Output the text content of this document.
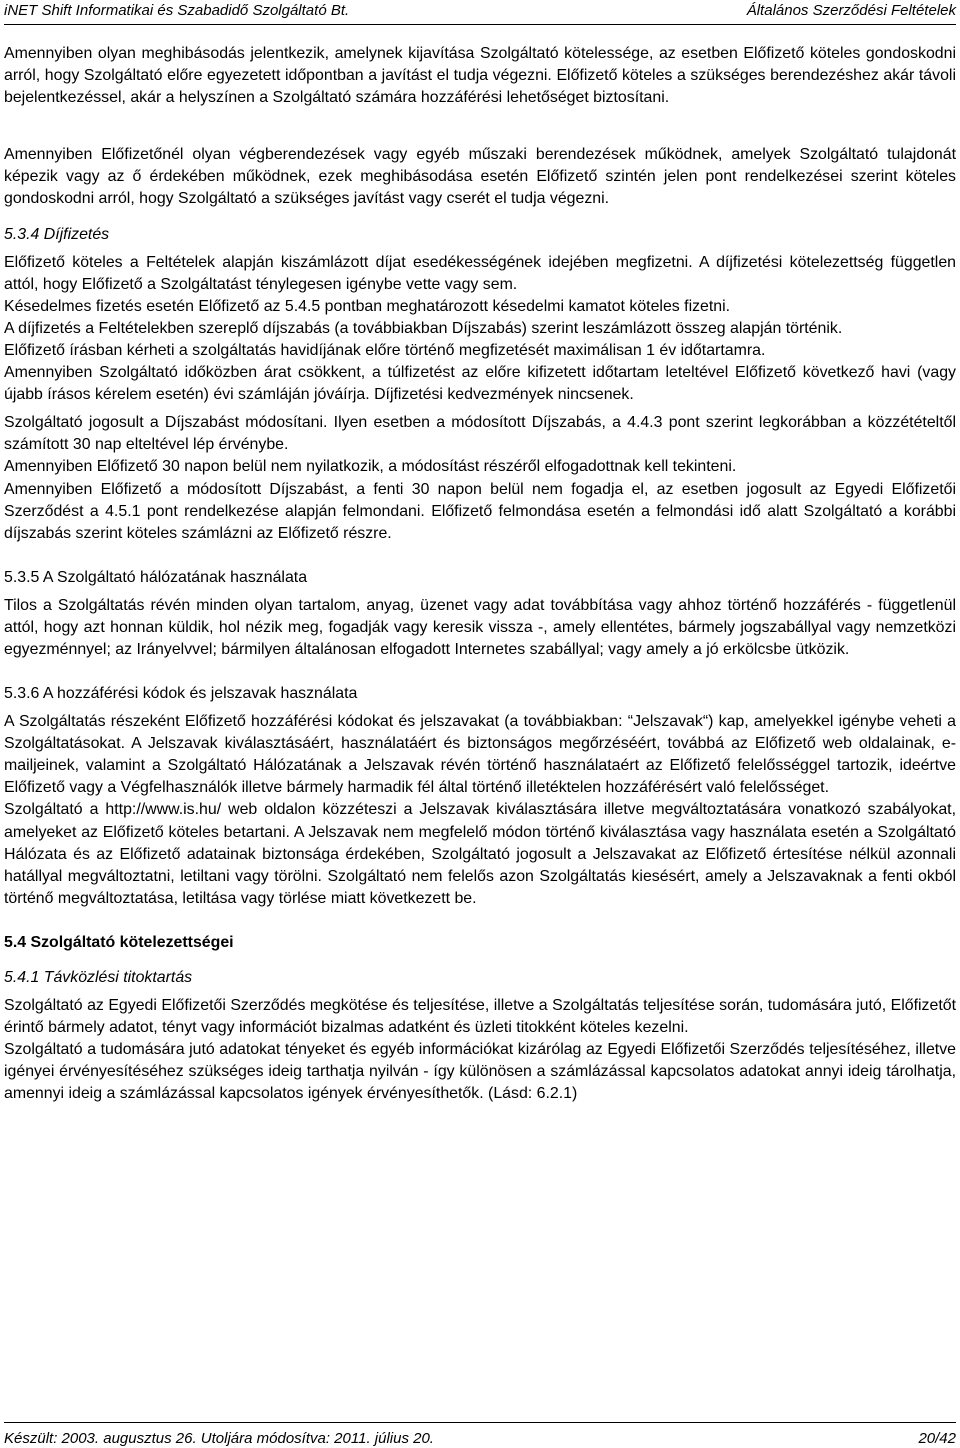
iNET Shift Informatikai és Szabadidő Szolgáltató Bt.	Általános Szerződési Feltételek

Amennyiben olyan meghibásodás jelentkezik, amelynek kijavítása Szolgáltató kötelessége, az esetben Előfizető köteles gondoskodni arról, hogy Szolgáltató előre egyezetett időpontban a javítást el tudja végezni. Előfizető köteles a szükséges berendezéshez akár távoli bejelentkezéssel, akár a helyszínen a Szolgáltató számára hozzáférési lehetőséget biztosítani.

Amennyiben Előfizetőnél olyan végberendezések vagy egyéb műszaki berendezések működnek, amelyek Szolgáltató tulajdonát képezik vagy az ő érdekében működnek, ezek meghibásodása esetén Előfizető szintén jelen pont rendelkezései szerint köteles gondoskodni arról, hogy Szolgáltató a szükséges javítást vagy cserét el tudja végezni.

5.3.4 Díjfizetés

Előfizető köteles a Feltételek alapján kiszámlázott díjat esedékességének idejében megfizetni. A díjfizetési kötelezettség független attól, hogy Előfizető a Szolgáltatást ténylegesen igénybe vette vagy sem.

Késedelmes fizetés esetén Előfizető az 5.4.5 pontban meghatározott késedelmi kamatot köteles fizetni.

A díjfizetés a Feltételekben szereplő díjszabás (a továbbiakban Díjszabás) szerint leszámlázott összeg alapján történik.

Előfizető írásban kérheti a szolgáltatás havidíjának előre történő megfizetését maximálisan 1 év időtartamra.

Amennyiben Szolgáltató időközben árat csökkent, a túlfizetést az előre kifizetett időtartam leteltével Előfizető következő havi (vagy újabb írásos kérelem esetén) évi számláján jóváírja. Díjfizetési kedvezmények nincsenek.

Szolgáltató jogosult a Díjszabást módosítani. Ilyen esetben a módosított Díjszabás, a 4.4.3 pont szerint legkorábban a közzétételtől számított 30 nap elteltével lép érvénybe.

Amennyiben Előfizető 30 napon belül nem nyilatkozik, a módosítást részéről elfogadottnak kell tekinteni.

Amennyiben Előfizető a módosított Díjszabást, a fenti 30 napon belül nem fogadja el, az esetben jogosult az Egyedi Előfizetői Szerződést a 4.5.1 pont rendelkezése alapján felmondani. Előfizető felmondása esetén a felmondási idő alatt Szolgáltató a korábbi díjszabás szerint köteles számlázni az Előfizető részre.

5.3.5 A Szolgáltató hálózatának használata

Tilos a Szolgáltatás révén minden olyan tartalom, anyag, üzenet vagy adat továbbítása vagy ahhoz történő hozzáférés - függetlenül attól, hogy azt honnan küldik, hol nézik meg, fogadják vagy keresik vissza -, amely ellentétes, bármely jogszabállyal vagy nemzetközi egyezménnyel; az Irányelvvel; bármilyen általánosan elfogadott Internetes szabállyal; vagy amely a jó erkölcsbe ütközik.

5.3.6 A hozzáférési kódok és jelszavak használata

A Szolgáltatás részeként Előfizető hozzáférési kódokat és jelszavakat (a továbbiakban: “Jelszavak“) kap, amelyekkel igénybe veheti a Szolgáltatásokat. A Jelszavak kiválasztásáért, használatáért és biztonságos megőrzéséért, továbbá az Előfizető web oldalainak, e-mailjeinek, valamint a Szolgáltató Hálózatának a Jelszavak révén történő használataért az Előfizető felelősséggel tartozik, ideértve Előfizető vagy a Végfelhasználók illetve bármely harmadik fél által történő illetéktelen hozzáférésért való felelősséget.

Szolgáltató a http://www.is.hu/ web oldalon közzéteszi a Jelszavak kiválasztására illetve megváltoztatására vonatkozó szabályokat, amelyeket az Előfizető köteles betartani. A Jelszavak nem megfelelő módon történő kiválasztása vagy használata esetén a Szolgáltató Hálózata és az Előfizető adatainak biztonsága érdekében, Szolgáltató jogosult a Jelszavakat az Előfizető értesítése nélkül azonnali hatállyal megváltoztatni, letiltani vagy törölni. Szolgáltató nem felelős azon Szolgáltatás kiesésért, amely a Jelszavaknak a fenti okból történő megváltoztatása, letiltása vagy törlése miatt következett be.

5.4 Szolgáltató kötelezettségei
5.4.1 Távközlési titoktartás

Szolgáltató az Egyedi Előfizetői Szerződés megkötése és teljesítése, illetve a Szolgáltatás teljesítése során, tudomására jutó, Előfizetőt érintő bármely adatot, tényt vagy információt bizalmas adatként és üzleti titokként köteles kezelni.

Szolgáltató a tudomására jutó adatokat tényeket és egyéb információkat kizárólag az Egyedi Előfizetői Szerződés teljesítéséhez, illetve igényei érvényesítéséhez szükséges ideig tarthatja nyilván - így különösen a számlázással kapcsolatos adatokat annyi ideig tárolhatja, amennyi ideig a számlázással kapcsolatos igények érvényesíthetők. (Lásd: 6.2.1)

Készült: 2003. augusztus 26. Utoljára módosítva: 2011. július 20.	20/42
